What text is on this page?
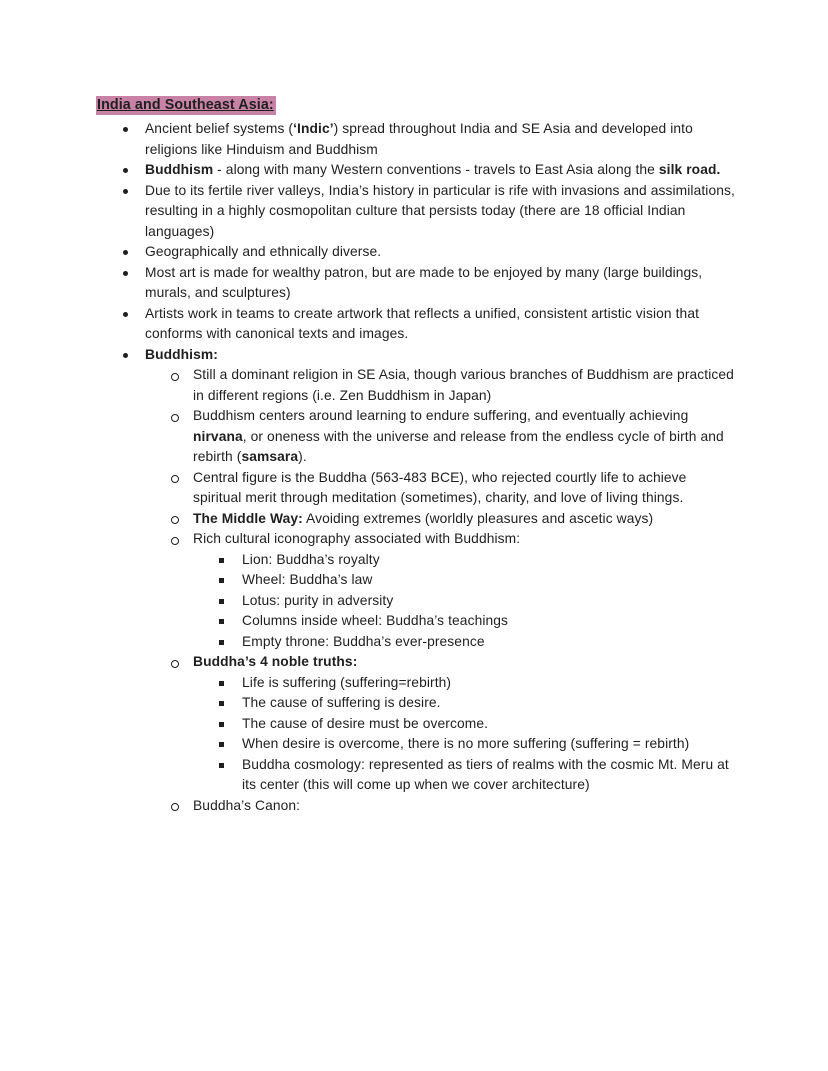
India and Southeast Asia:
Ancient belief systems (‘Indic’) spread throughout India and SE Asia and developed into religions like Hinduism and Buddhism
Buddhism - along with many Western conventions - travels to East Asia along the silk road.
Due to its fertile river valleys, India’s history in particular is rife with invasions and assimilations, resulting in a highly cosmopolitan culture that persists today (there are 18 official Indian languages)
Geographically and ethnically diverse.
Most art is made for wealthy patron, but are made to be enjoyed by many (large buildings, murals, and sculptures)
Artists work in teams to create artwork that reflects a unified, consistent artistic vision that conforms with canonical texts and images.
Buddhism:
Still a dominant religion in SE Asia, though various branches of Buddhism are practiced in different regions (i.e. Zen Buddhism in Japan)
Buddhism centers around learning to endure suffering, and eventually achieving nirvana, or oneness with the universe and release from the endless cycle of birth and rebirth (samsara).
Central figure is the Buddha (563-483 BCE), who rejected courtly life to achieve spiritual merit through meditation (sometimes), charity, and love of living things.
The Middle Way: Avoiding extremes (worldly pleasures and ascetic ways)
Rich cultural iconography associated with Buddhism:
Lion: Buddha’s royalty
Wheel: Buddha’s law
Lotus: purity in adversity
Columns inside wheel: Buddha’s teachings
Empty throne: Buddha’s ever-presence
Buddha’s 4 noble truths:
Life is suffering (suffering=rebirth)
The cause of suffering is desire.
The cause of desire must be overcome.
When desire is overcome, there is no more suffering (suffering = rebirth)
Buddha cosmology: represented as tiers of realms with the cosmic Mt. Meru at its center (this will come up when we cover architecture)
Buddha’s Canon:
